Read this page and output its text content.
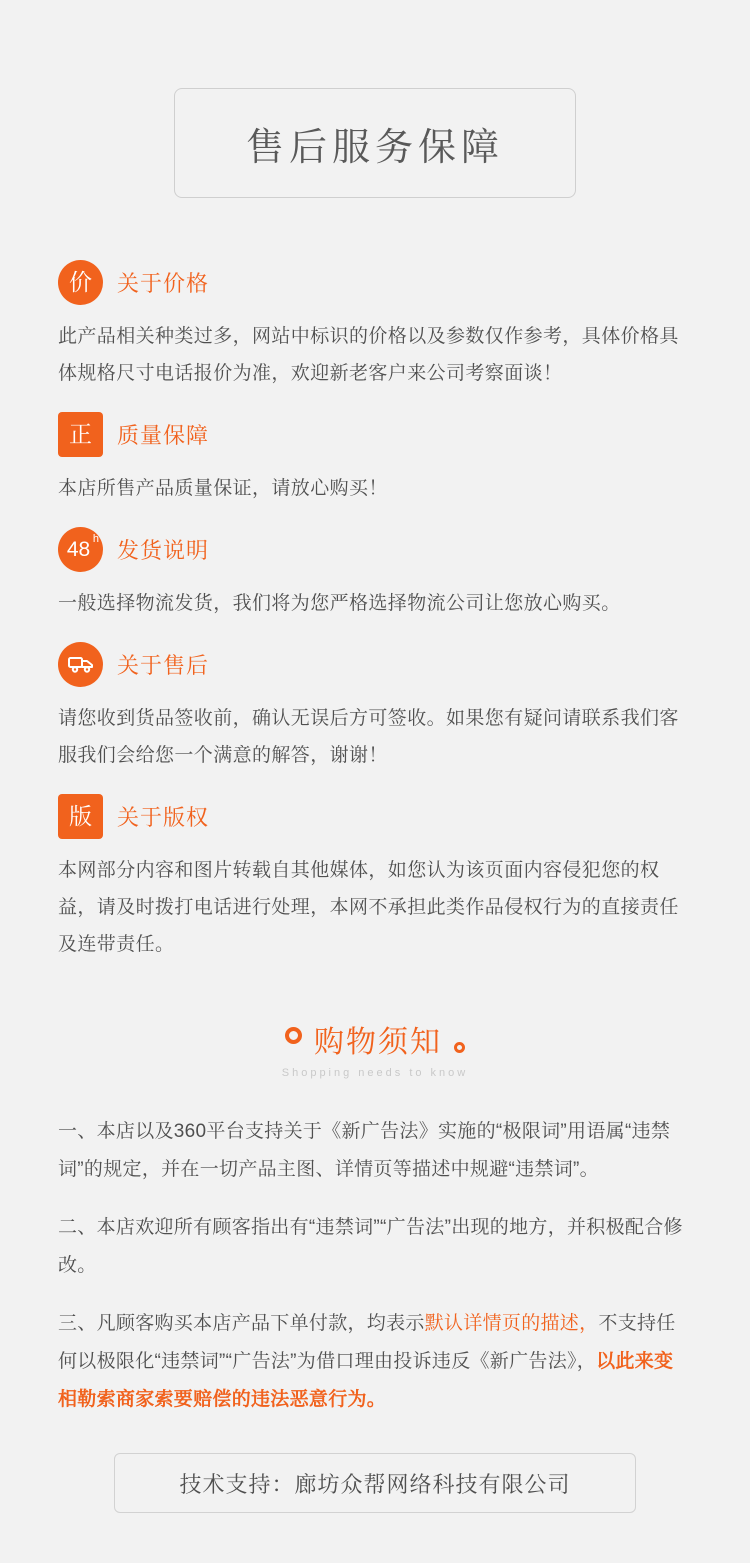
售后服务保障
价 关于价格
此产品相关种类过多，网站中标识的价格以及参数仅作参考，具体价格具体规格尺寸电话报价为准，欢迎新老客户来公司考察面谈！
正 质量保障
本店所售产品质量保证，请放心购买！
48 h 发货说明
一般选择物流发货，我们将为您严格选择物流公司让您放心购买。
关于售后
请您收到货品签收前，确认无误后方可签收。如果您有疑问请联系我们客服我们会给您一个满意的解答，谢谢！
版 关于版权
本网部分内容和图片转载自其他媒体，如您认为该页面内容侵犯您的权益，请及时拨打电话进行处理，本网不承担此类作品侵权行为的直接责任及连带责任。
购物须知
Shopping needs to know

一、本店以及360平台支持关于《新广告法》实施的“极限词”用语属“违禁词”的规定，并在一切产品主图、详情页等描述中规避“违禁词”。

二、本店欢迎所有顾客指出有“违禁词”“广告法”出现的地方，并积极配合修改。

三、凡顾客购买本店产品下单付款，均表示默认详情页的描述，不支持任何以极限化“违禁词”“广告法”为借口理由投诉违反《新广告法》，以此来变相勒索商家索要赔偿的违法恶意行为。

技术支持：廊坊众帮网络科技有限公司
